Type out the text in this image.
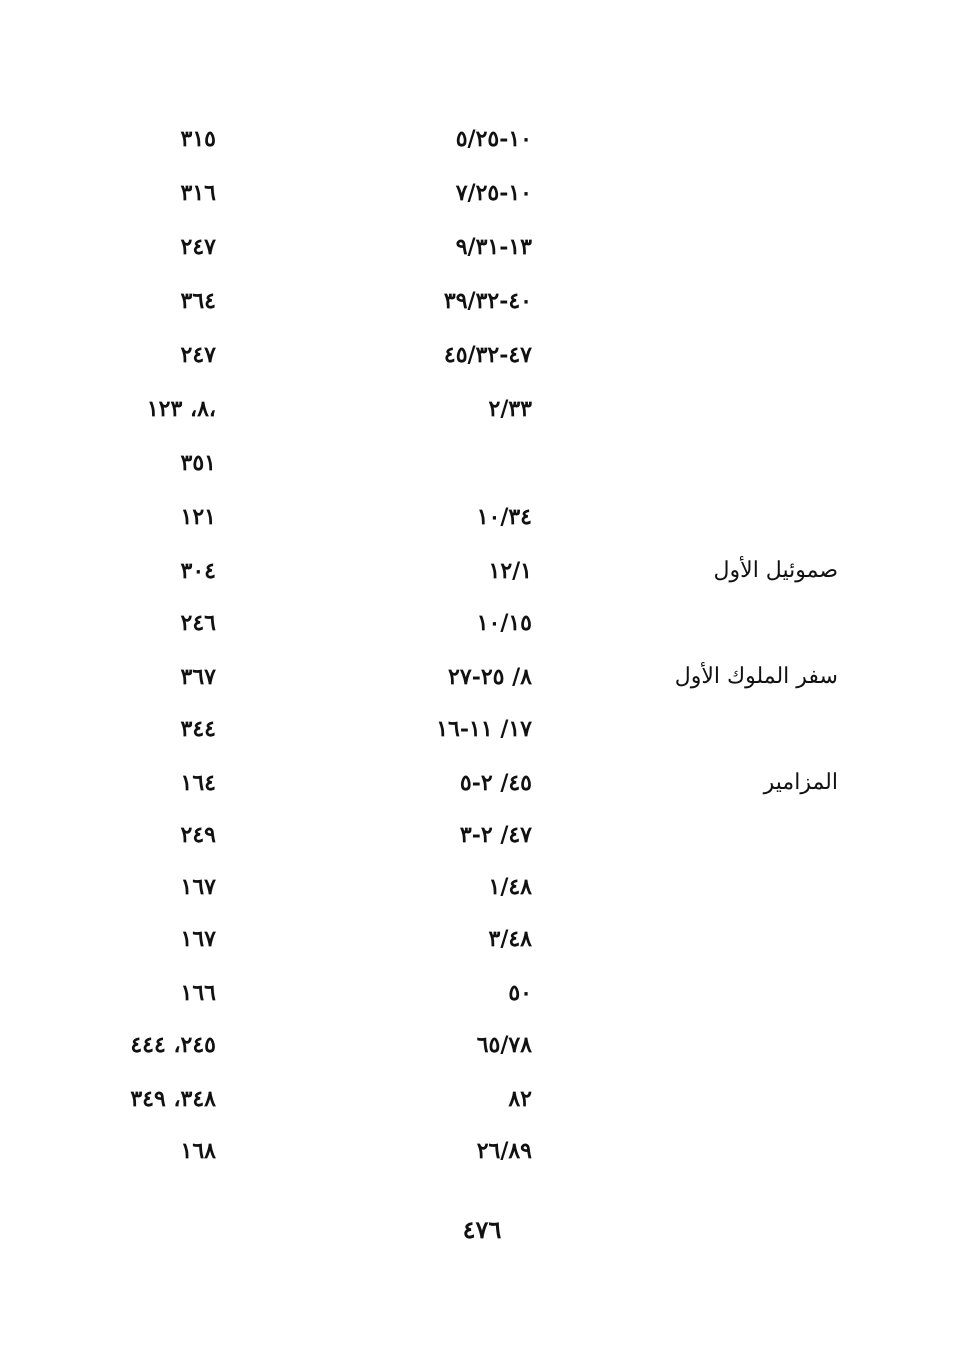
١٠-٥/٢٥
٣١٥
١٠-٧/٢٥
٣١٦
١٣-٩/٣١
٢٤٧
٤٠-٣٩/٣٢
٣٦٤
٤٧-٤٥/٣٢
٢٤٧
٢/٣٣
٨، ١٢٣،
٣٥١
١٠/٣٤
١٢١
صموئيل الأول
١٢/١
٣٠٤
١٠/١٥
٢٤٦
سفر الملوك الأول
٨/ ٢٥-٢٧
٣٦٧
١٧/ ١١-١٦
٣٤٤
المزامير
٤٥/ ٢-٥
١٦٤
٤٧/ ٢-٣
٢٤٩
١/٤٨
١٦٧
٣/٤٨
١٦٧
٥٠
١٦٦
٦٥/٧٨
٢٤٥، ٤٤٤
٨٢
٣٤٨، ٣٤٩
٢٦/٨٩
١٦٨
٤٧٦
